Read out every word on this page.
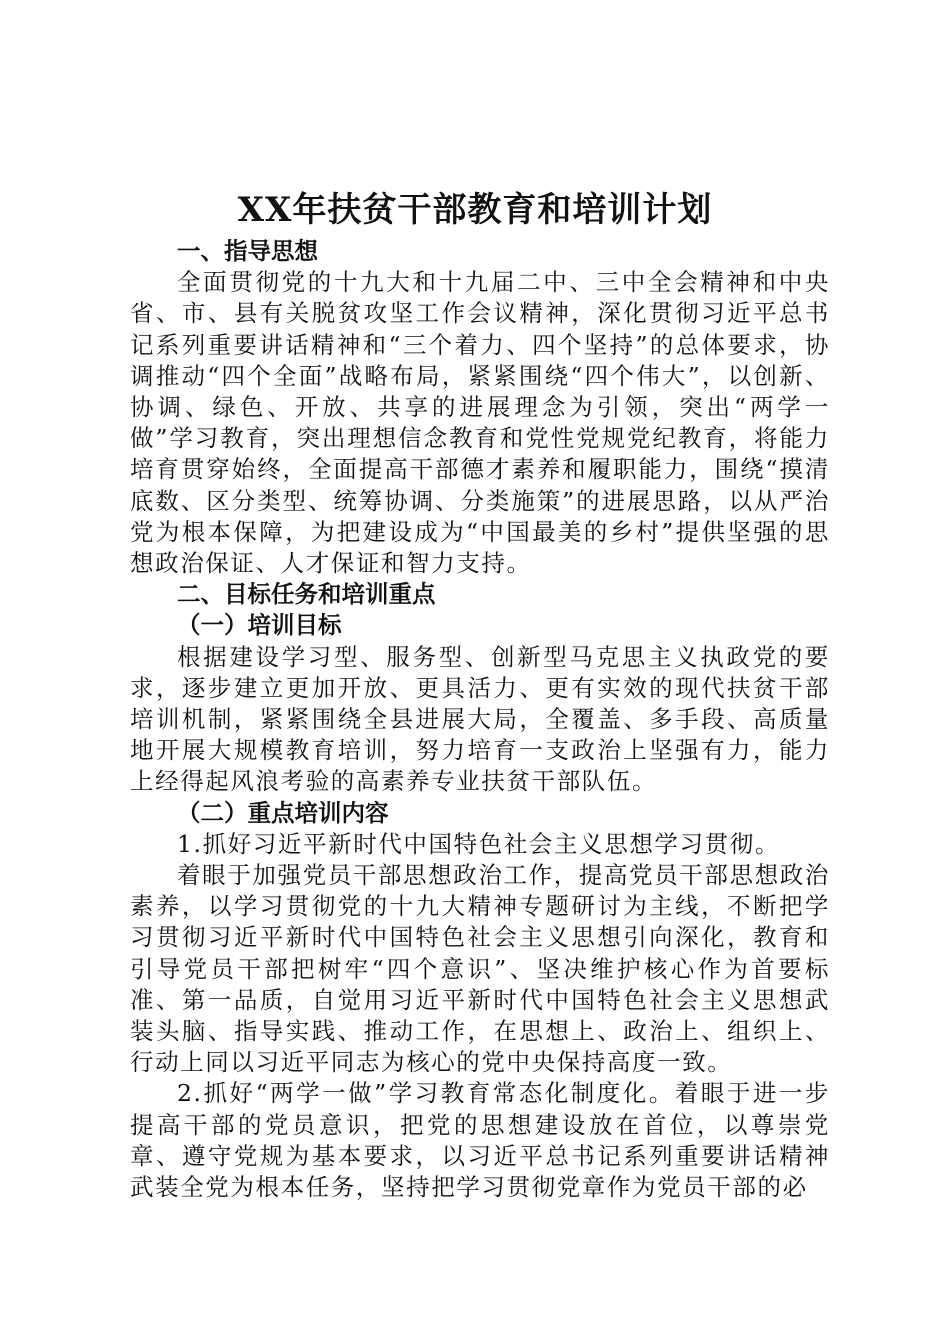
XX年扶贫干部教育和培训计划

一、指导思想

全面贯彻党的十九大和十九届二中、三中全会精神和中央省、市、县有关脱贫攻坚工作会议精神，深化贯彻习近平总书记系列重要讲话精神和“三个着力、四个坚持”的总体要求，协调推动“四个全面”战略布局，紧紧围绕“四个伟大”，以创新、协调、绿色、开放、共享的进展理念为引领，突出“两学一做”学习教育，突出理想信念教育和党性党规党纪教育，将能力培育贯穿始终，全面提高干部德才素养和履职能力，围绕“摸清底数、区分类型、统筹协调、分类施策”的进展思路，以从严治党为根本保障，为把建设成为“中国最美的乡村”提供坚强的思想政治保证、人才保证和智力支持。

二、目标任务和培训重点

（一）培训目标

根据建设学习型、服务型、创新型马克思主义执政党的要求，逐步建立更加开放、更具活力、更有实效的现代扶贫干部培训机制，紧紧围绕全县进展大局，全覆盖、多手段、高质量地开展大规模教育培训，努力培育一支政治上坚强有力，能力上经得起风浪考验的高素养专业扶贫干部队伍。

（二）重点培训内容

1.抓好习近平新时代中国特色社会主义思想学习贯彻。

着眼于加强党员干部思想政治工作，提高党员干部思想政治素养，以学习贯彻党的十九大精神专题研讨为主线，不断把学习贯彻习近平新时代中国特色社会主义思想引向深化，教育和引导党员干部把树牢“四个意识”、坚决维护核心作为首要标准、第一品质，自觉用习近平新时代中国特色社会主义思想武装头脑、指导实践、推动工作，在思想上、政治上、组织上、行动上同以习近平同志为核心的党中央保持高度一致。

2.抓好“两学一做”学习教育常态化制度化。着眼于进一步提高干部的党员意识，把党的思想建设放在首位，以尊崇党章、遵守党规为基本要求，以习近平总书记系列重要讲话精神武装全党为根本任务，坚持把学习贯彻党章作为党员干部的必
